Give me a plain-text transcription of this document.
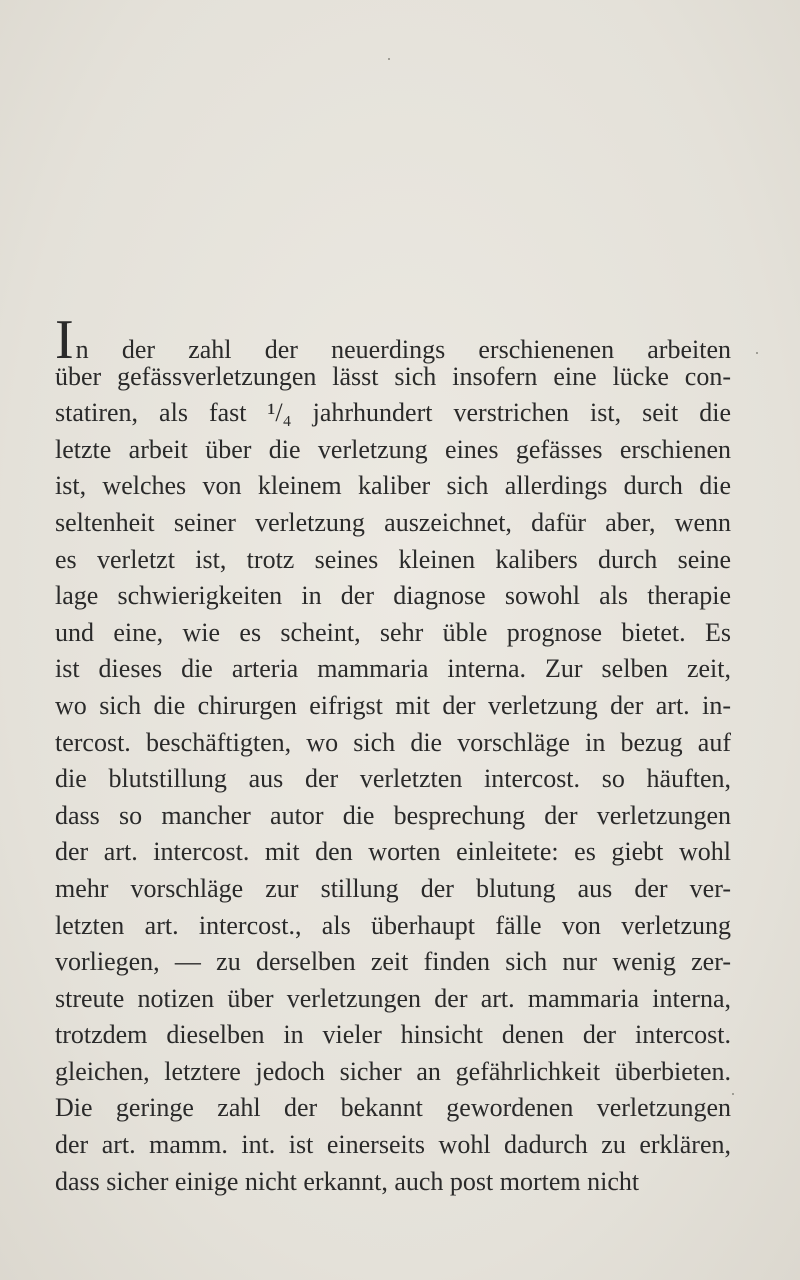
I n der zahl der neuerdings erschienenen arbeiten
über gefässverletzungen lässt sich insofern eine lücke con-
statiren, als fast ¹/₄ jahrhundert verstrichen ist, seit die
letzte arbeit über die verletzung eines gefässes erschienen
ist, welches von kleinem kaliber sich allerdings durch die
seltenheit seiner verletzung auszeichnet, dafür aber, wenn
es verletzt ist, trotz seines kleinen kalibers durch seine
lage schwierigkeiten in der diagnose sowohl als therapie
und eine, wie es scheint, sehr üble prognose bietet. Es
ist dieses die arteria mammaria interna. Zur selben zeit,
wo sich die chirurgen eifrigst mit der verletzung der art. in-
tercost. beschäftigten, wo sich die vorschläge in bezug auf
die blutstillung aus der verletzten intercost. so häuften,
dass so mancher autor die besprechung der verletzungen
der art. intercost. mit den worten einleitete: es giebt wohl
mehr vorschläge zur stillung der blutung aus der ver-
letzten art. intercost., als überhaupt fälle von verletzung
vorliegen, — zu derselben zeit finden sich nur wenig zer-
streute notizen über verletzungen der art. mammaria interna,
trotzdem dieselben in vieler hinsicht denen der intercost.
gleichen, letztere jedoch sicher an gefährlichkeit überbieten.
Die geringe zahl der bekannt gewordenen verletzungen
der art. mamm. int. ist einerseits wohl dadurch zu erklären,
dass sicher einige nicht erkannt, auch post mortem nicht
